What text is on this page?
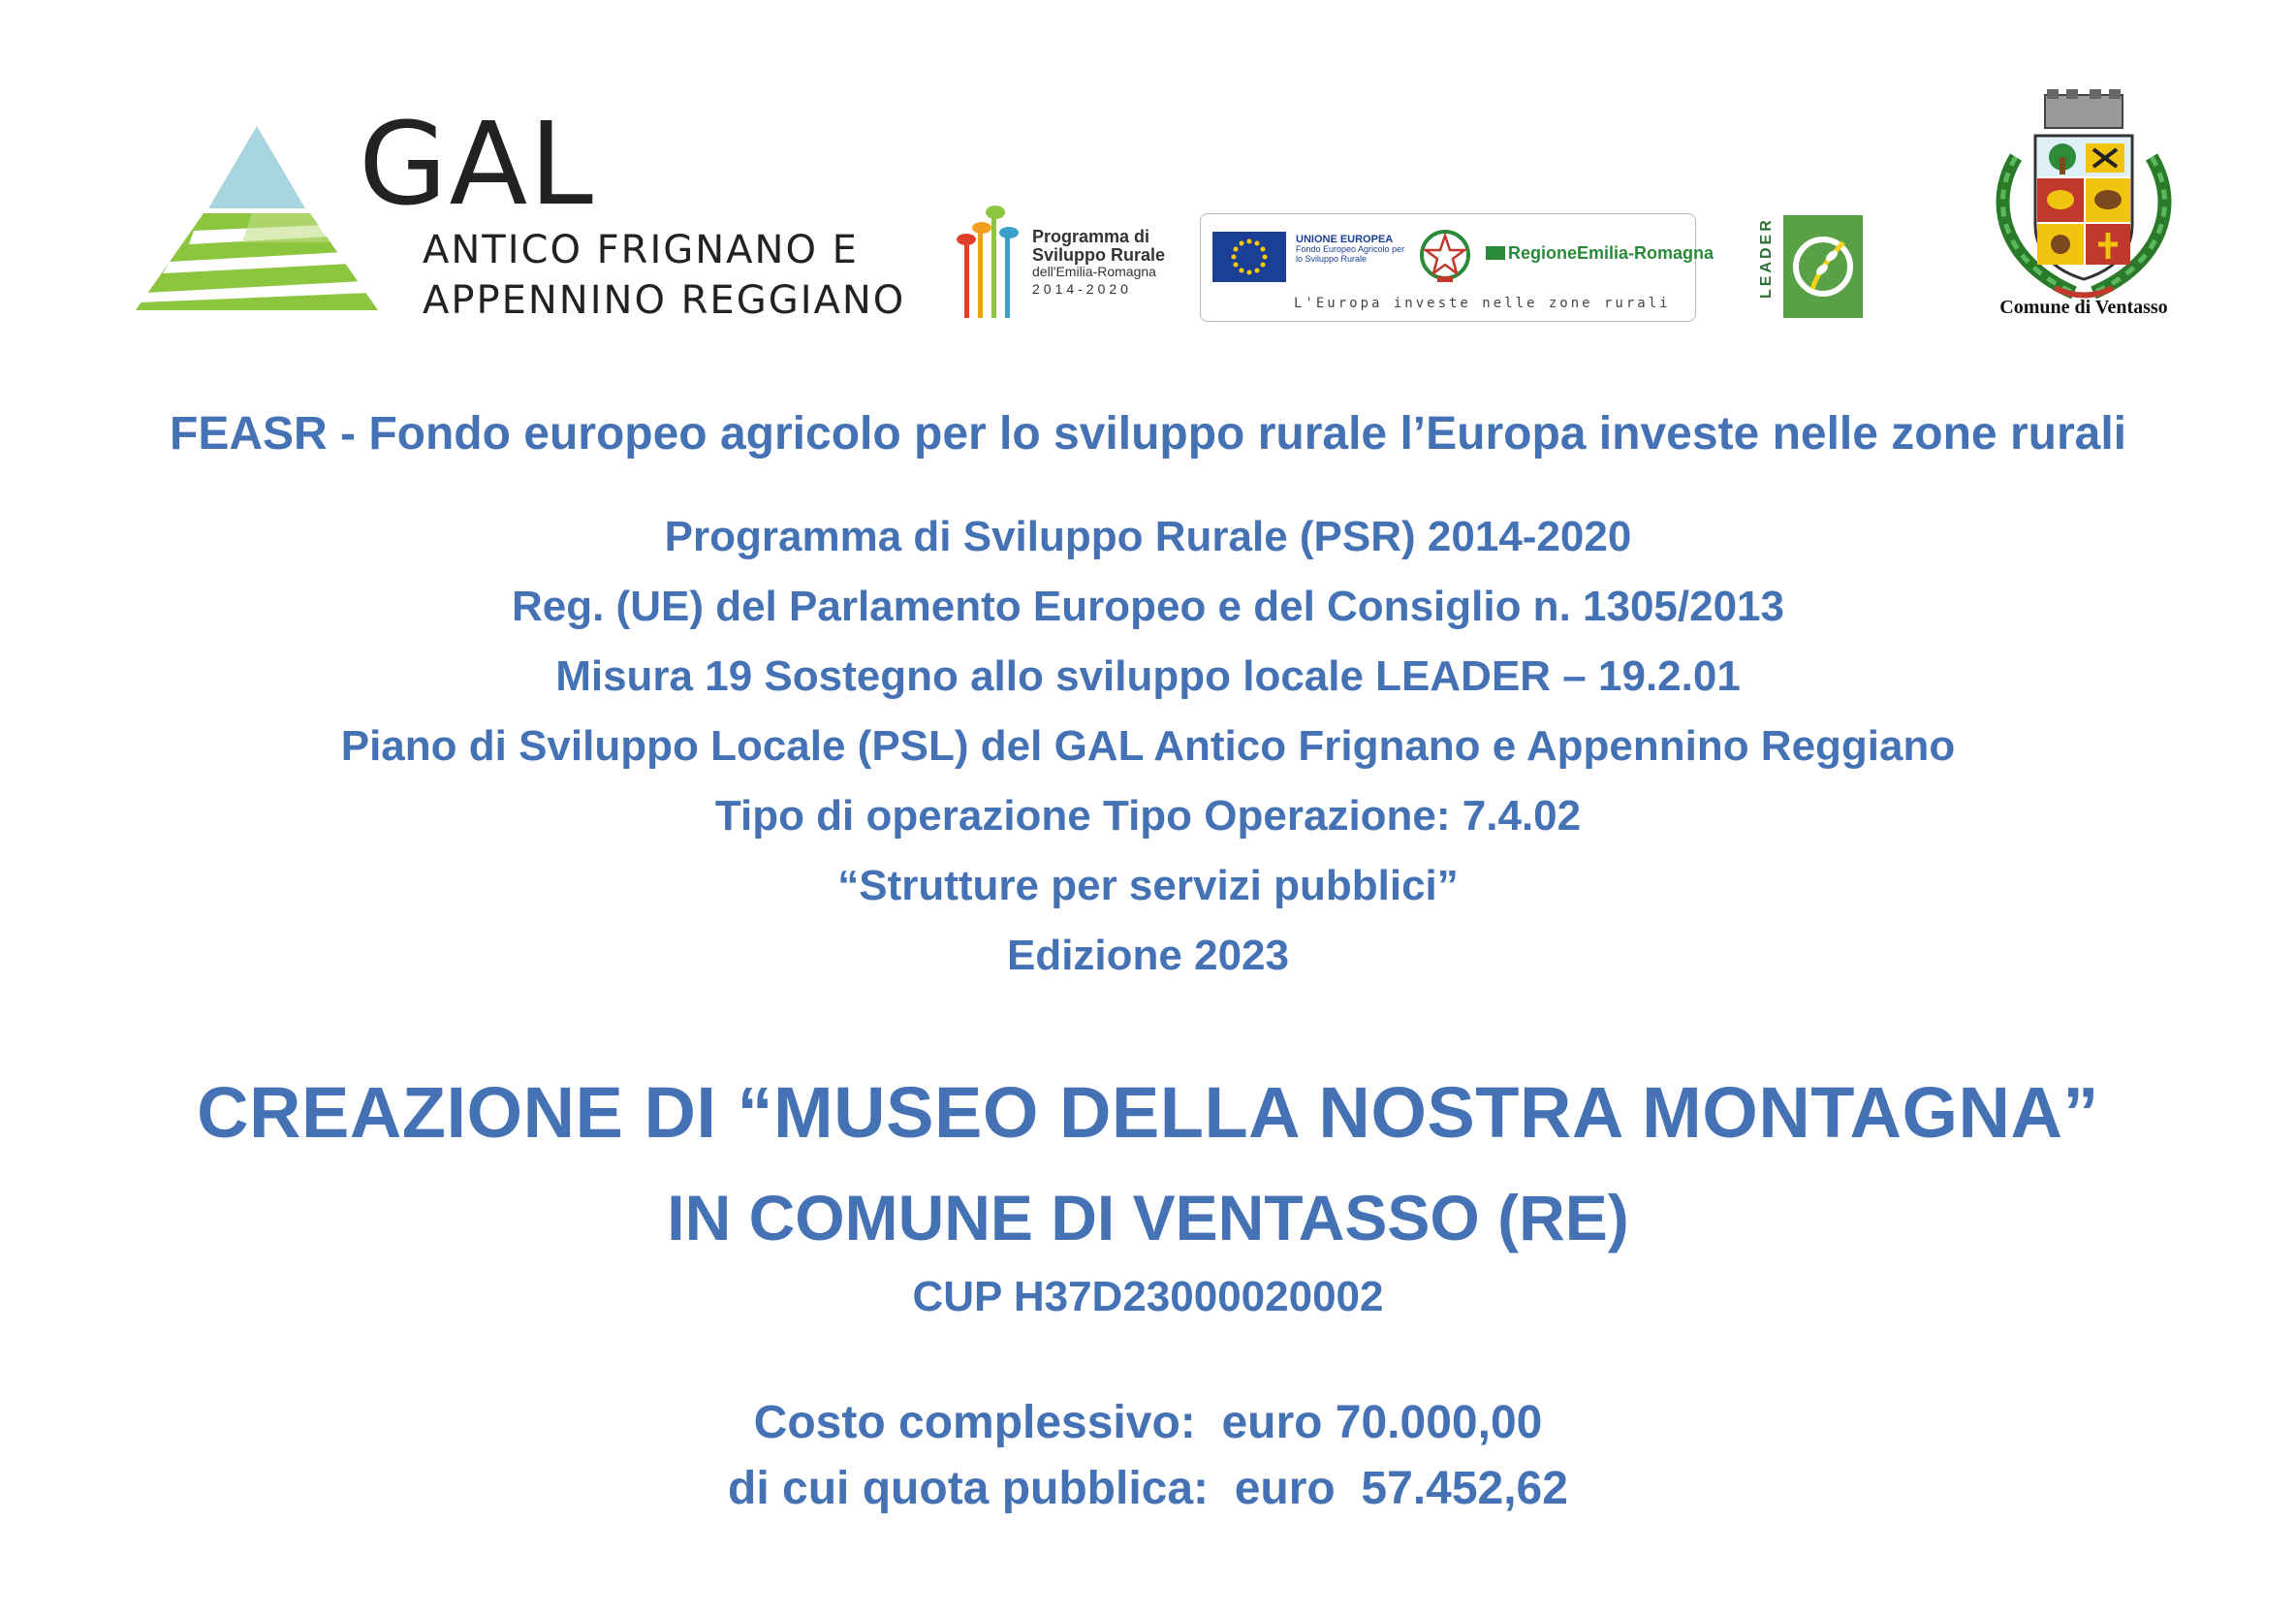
GAL
ANTICO FRIGNANO E
APPENNINO REGGIANO
Programma di
Sviluppo Rurale
dell'Emilia-Romagna
2014-2020
UNIONE EUROPEA
Fondo Europeo Agricolo per lo Sviluppo Rurale	RegioneEmilia-Romagna
L'Europa investe nelle zone rurali
LEADER
Comune di Ventasso
FEASR - Fondo europeo agricolo per lo sviluppo rurale l’Europa investe nelle zone rurali
Programma di Sviluppo Rurale (PSR) 2014-2020
Reg. (UE) del Parlamento Europeo e del Consiglio n. 1305/2013
Misura 19 Sostegno allo sviluppo locale LEADER – 19.2.01
Piano di Sviluppo Locale (PSL) del GAL Antico Frignano e Appennino Reggiano
Tipo di operazione Tipo Operazione: 7.4.02
“Strutture per servizi pubblici”
Edizione 2023
CREAZIONE DI “MUSEO DELLA NOSTRA MONTAGNA”
IN COMUNE DI VENTASSO (RE)
CUP H37D23000020002
Costo complessivo:  euro 70.000,00
di cui quota pubblica:  euro  57.452,62
